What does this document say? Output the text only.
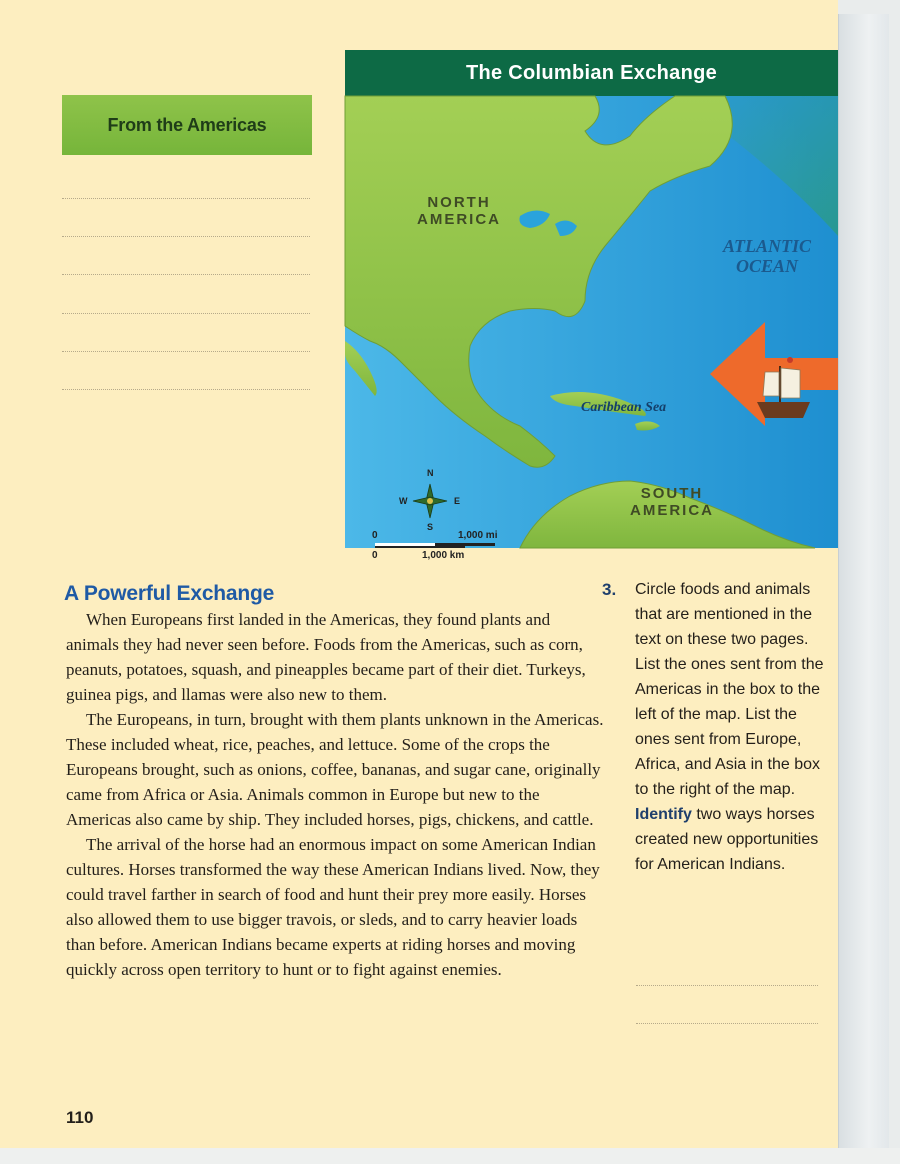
From the Americas
The Columbian Exchange
NORTH
AMERICA
ATLANTIC
OCEAN
Caribbean Sea
SOUTH
AMERICA
N
S
W	E
0	1,000 mi
0	1,000 km
A Powerful Exchange

When Europeans first landed in the Americas, they found plants and animals they had never seen before. Foods from the Americas, such as corn, peanuts, potatoes, squash, and pineapples became part of their diet. Turkeys, guinea pigs, and llamas were also new to them.

The Europeans, in turn, brought with them plants unknown in the Americas. These included wheat, rice, peaches, and lettuce. Some of the crops the Europeans brought, such as onions, coffee, bananas, and sugar cane, originally came from Africa or Asia. Animals common in Europe but new to the Americas also came by ship. They included horses, pigs, chickens, and cattle.

The arrival of the horse had an enormous impact on some American Indian cultures. Horses transformed the way these American Indians lived. Now, they could travel farther in search of food and hunt their prey more easily. Horses also allowed them to use bigger travois, or sleds, and to carry heavier loads than before. American Indians became experts at riding horses and moving quickly across open territory to hunt or to fight against enemies.

3. Circle foods and animals that are mentioned in the text on these two pages. List the ones sent from the Americas in the box to the left of the map. List the ones sent from Europe, Africa, and Asia in the box to the right of the map. Identify two ways horses created new opportunities for American Indians.
110
